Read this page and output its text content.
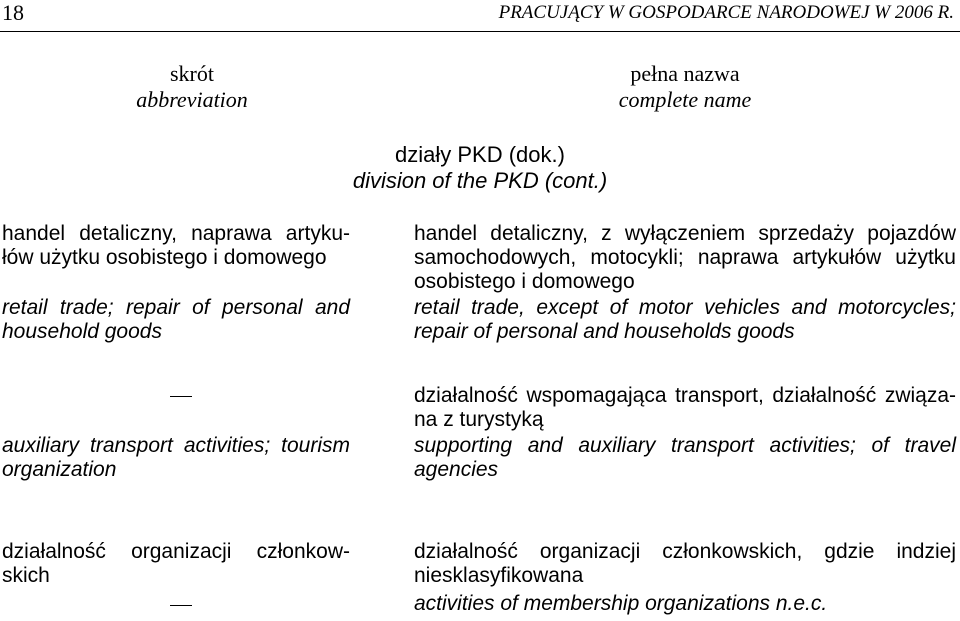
18	PRACUJĄCY W GOSPODARCE NARODOWEJ W 2006 R.
skrót
abbreviation
pełna nazwa
complete name
działy PKD (dok.)
division of the PKD (cont.)
handel detaliczny, naprawa artyku-
łów użytku osobistego i domowego
retail trade; repair of personal and
household goods
handel detaliczny, z wyłączeniem sprzedaży pojazdów
samochodowych, motocykli; naprawa artykułów użytku
osobistego i domowego
retail trade, except of motor vehicles and motorcycles;
repair of personal and households goods
auxiliary transport activities; tourism
organization
działalność wspomagająca transport, działalność związa-
na z turystyką
supporting and auxiliary transport activities; of travel
agencies
działalność organizacji członkow-
skich
działalność organizacji członkowskich, gdzie indziej
niesklasyfikowana
activities of membership organizations n.e.c.
